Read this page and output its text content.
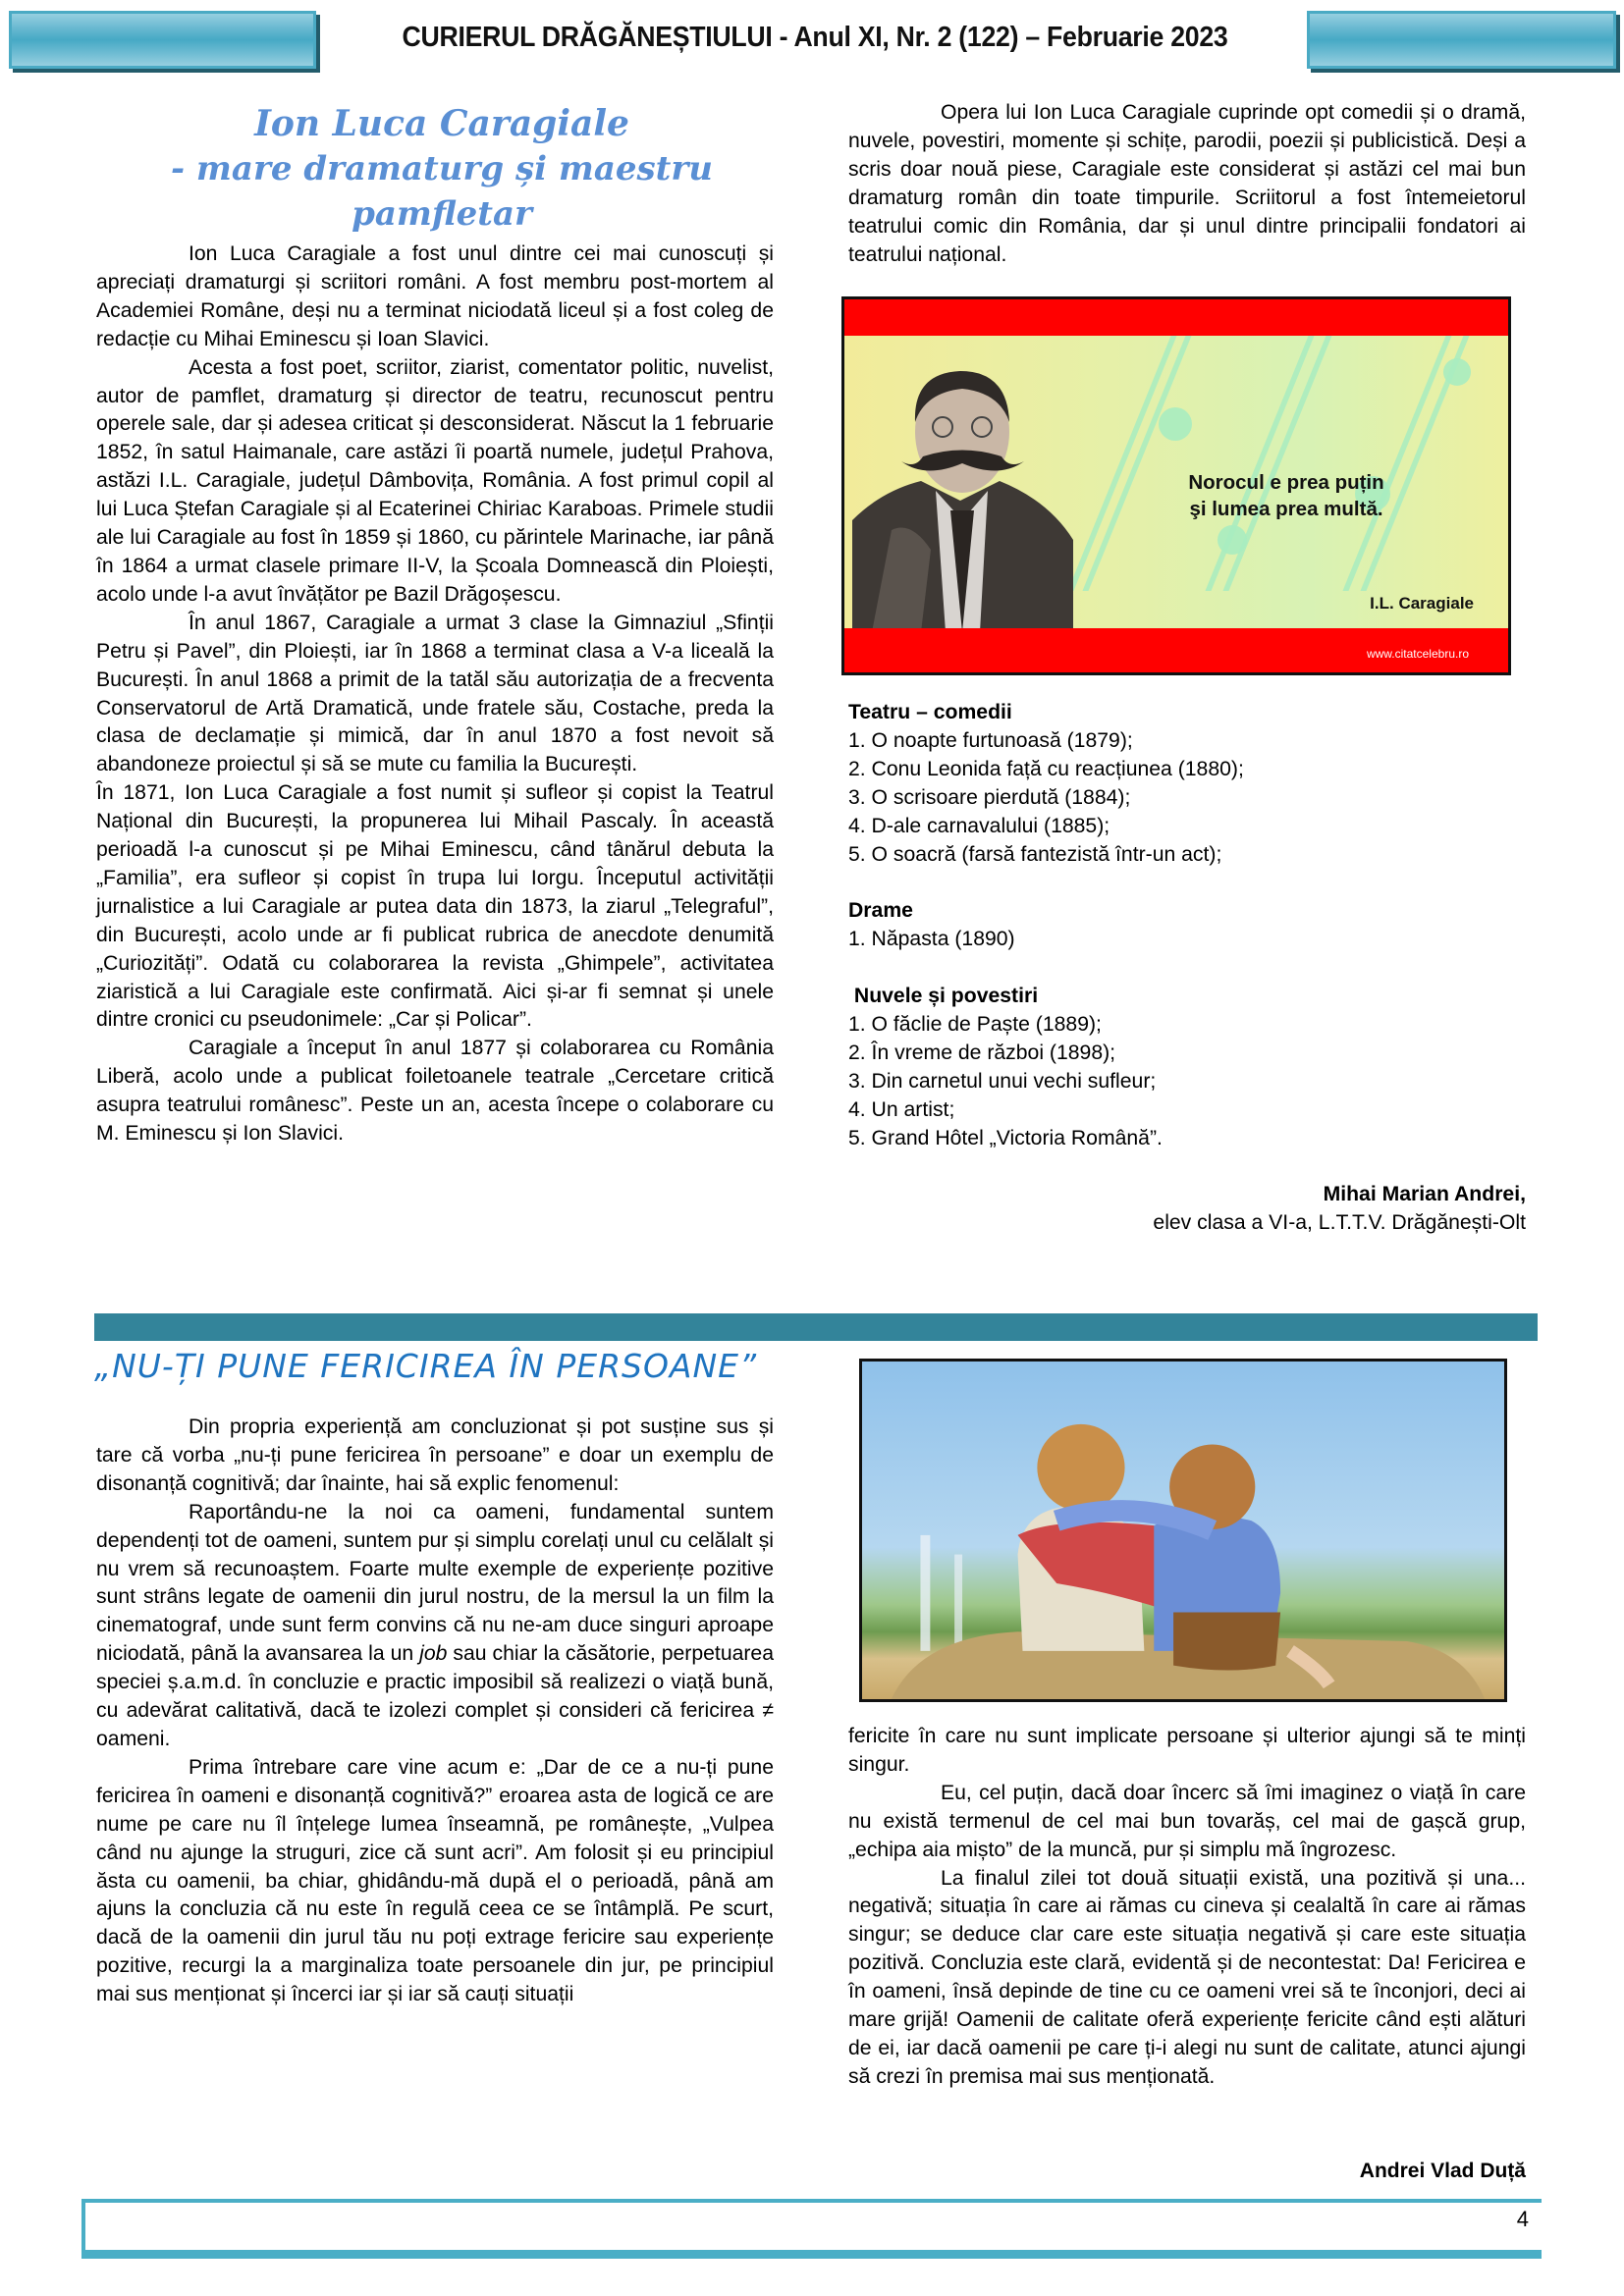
CURIERUL DRĂGĂNEȘTIULUI - Anul XI, Nr. 2 (122) – Februarie 2023
Ion Luca Caragiale
- mare dramaturg și maestru pamfletar

Ion Luca Caragiale a fost unul dintre cei mai cunoscuți și apreciați dramaturgi și scriitori români. A fost membru post-mortem al Academiei Române, deși nu a terminat niciodată liceul și a fost coleg de redacție cu Mihai Eminescu și Ioan Slavici.

Acesta a fost poet, scriitor, ziarist, comentator politic, nuvelist, autor de pamflet, dramaturg și director de teatru, recunoscut pentru operele sale, dar și adesea criticat și desconsiderat. Născut la 1 februarie 1852, în satul Haimanale, care astăzi îi poartă numele, județul Prahova, astăzi I.L. Caragiale, județul Dâmbovița, România. A fost primul copil al lui Luca Ștefan Caragiale și al Ecaterinei Chiriac Karaboas. Primele studii ale lui Caragiale au fost în 1859 și 1860, cu părintele Marinache, iar până în 1864 a urmat clasele primare II-V, la Școala Domnească din Ploiești, acolo unde l-a avut învățător pe Bazil Drăgoșescu.

În anul 1867, Caragiale a urmat 3 clase la Gimnaziul „Sfinții Petru și Pavel”, din Ploiești, iar în 1868 a terminat clasa a V-a liceală la București. În anul 1868 a primit de la tatăl său autorizația de a frecventa Conservatorul de Artă Dramatică, unde fratele său, Costache, preda la clasa de declamație și mimică, dar în anul 1870 a fost nevoit să abandoneze proiectul și să se mute cu familia la București.

În 1871, Ion Luca Caragiale a fost numit și sufleor și copist la Teatrul Național din București, la propunerea lui Mihail Pascaly. În această perioadă l-a cunoscut și pe Mihai Eminescu, când tânărul debuta la „Familia”, era sufleor și copist în trupa lui Iorgu. Începutul activității jurnalistice a lui Caragiale ar putea data din 1873, la ziarul „Telegraful”, din București, acolo unde ar fi publicat rubrica de anecdote denumită „Curiozități”. Odată cu colaborarea la revista „Ghimpele”, activitatea ziaristică a lui Caragiale este confirmată. Aici și-ar fi semnat și unele dintre cronici cu pseudonimele: „Car și Policar”.

Caragiale a început în anul 1877 și colaborarea cu România Liberă, acolo unde a publicat foiletoanele teatrale „Cercetare critică asupra teatrului românesc”. Peste un an, acesta începe o colaborare cu M. Eminescu și Ion Slavici.

Opera lui Ion Luca Caragiale cuprinde opt comedii și o dramă, nuvele, povestiri, momente și schițe, parodii, poezii și publicistică. Deși a scris doar nouă piese, Caragiale este considerat și astăzi cel mai bun dramaturg român din toate timpurile. Scriitorul a fost întemeietorul teatrului comic din România, dar și unul dintre principalii fondatori ai teatrului național.

Norocul e prea puțin
şi lumea prea multă.
I.L. Caragiale
www.citatcelebru.ro

Teatru – comedii

1. O noapte furtunoasă (1879);

2. Conu Leonida față cu reacțiunea (1880);

3. O scrisoare pierdută (1884);

4. D-ale carnavalului (1885);

5. O soacră (farsă fantezistă într-un act);

Drame

1. Năpasta (1890)

Nuvele și povestiri

1. O făclie de Paște (1889);

2. În vreme de război (1898);

3. Din carnetul unui vechi sufleur;

4. Un artist;

5. Grand Hôtel „Victoria Română”.

Mihai Marian Andrei,

elev clasa a VI-a, L.T.T.V. Drăgănești-Olt

„NU-ȚI PUNE FERICIREA ÎN PERSOANE”

Din propria experiență am concluzionat și pot susține sus și tare că vorba „nu-ți pune fericirea în persoane” e doar un exemplu de disonanță cognitivă; dar înainte, hai să explic fenomenul:

Raportându-ne la noi ca oameni, fundamental suntem dependenți tot de oameni, suntem pur și simplu corelați unul cu celălalt și nu vrem să recunoaștem. Foarte multe exemple de experiențe pozitive sunt strâns legate de oamenii din jurul nostru, de la mersul la un film la cinematograf, unde sunt ferm convins că nu ne-am duce singuri aproape niciodată, până la avansarea la un job sau chiar la căsătorie, perpetuarea speciei ș.a.m.d. în concluzie e practic imposibil să realizezi o viață bună, cu adevărat calitativă, dacă te izolezi complet și consideri că fericirea ≠ oameni.

Prima întrebare care vine acum e: „Dar de ce a nu-ți pune fericirea în oameni e disonanță cognitivă?” eroarea asta de logică ce are nume pe care nu îl înțelege lumea înseamnă, pe românește, „Vulpea când nu ajunge la struguri, zice că sunt acri”. Am folosit și eu principiul ăsta cu oamenii, ba chiar, ghidându-mă după el o perioadă, până am ajuns la concluzia că nu este în regulă ceea ce se întâmplă. Pe scurt, dacă de la oamenii din jurul tău nu poți extrage fericire sau experiențe pozitive, recurgi la a marginaliza toate persoanele din jur, pe principiul mai sus menționat și încerci iar și iar să cauți situații

fericite în care nu sunt implicate persoane și ulterior ajungi să te minți singur.

Eu, cel puțin, dacă doar încerc să îmi imaginez o viață în care nu există termenul de cel mai bun tovarăș, cel mai de gașcă grup, „echipa aia mișto” de la muncă, pur și simplu mă îngrozesc.

La finalul zilei tot două situații există, una pozitivă și una... negativă; situația în care ai rămas cu cineva și cealaltă în care ai rămas singur; se deduce clar care este situația negativă și care este situația pozitivă. Concluzia este clară, evidentă și de necontestat: Da! Fericirea e în oameni, însă depinde de tine cu ce oameni vrei să te înconjori, deci ai mare grijă! Oamenii de calitate oferă experiențe fericite când ești alături de ei, iar dacă oamenii pe care ți-i alegi nu sunt de calitate, atunci ajungi să crezi în premisa mai sus menționată.

Andrei Vlad Duță
4
